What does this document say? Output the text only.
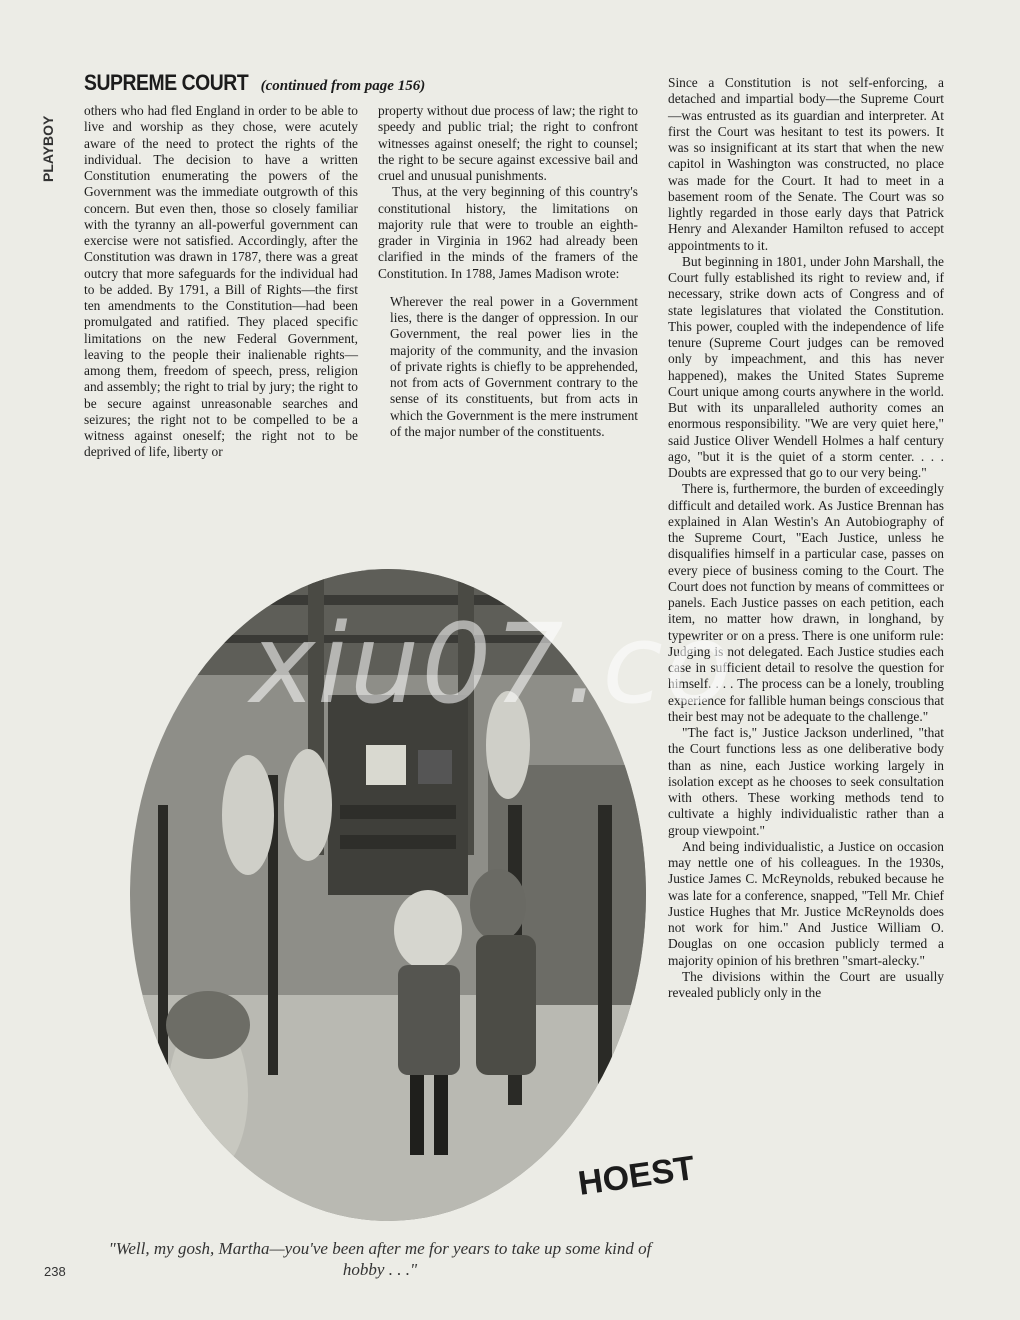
PLAYBOY
SUPREME COURT (continued from page 156)

others who had fled England in order to be able to live and worship as they chose, were acutely aware of the need to protect the rights of the individual. The decision to have a written Constitution enumerating the powers of the Government was the immediate outgrowth of this concern. But even then, those so closely familiar with the tyranny an all-powerful government can exercise were not satisfied. Accordingly, after the Constitution was drawn in 1787, there was a great outcry that more safeguards for the individual had to be added. By 1791, a Bill of Rights—the first ten amendments to the Constitution—had been promulgated and ratified. They placed specific limitations on the new Federal Government, leaving to the people their inalienable rights—among them, freedom of speech, press, religion and assembly; the right to trial by jury; the right to be secure against unreasonable searches and seizures; the right not to be compelled to be a witness against oneself; the right not to be deprived of life, liberty or

property without due process of law; the right to speedy and public trial; the right to confront witnesses against oneself; the right to counsel; the right to be secure against excessive bail and cruel and unusual punishments.

Thus, at the very beginning of this country's constitutional history, the limitations on majority rule that were to trouble an eighth-grader in Virginia in 1962 had already been clarified in the minds of the framers of the Constitution. In 1788, James Madison wrote:

Wherever the real power in a Government lies, there is the danger of oppression. In our Government, the real power lies in the majority of the community, and the invasion of private rights is chiefly to be apprehended, not from acts of Government contrary to the sense of its constituents, but from acts in which the Government is the mere instrument of the major number of the constituents.

Since a Constitution is not self-enforcing, a detached and impartial body—the Supreme Court—was entrusted as its guardian and interpreter. At first the Court was hesitant to test its powers. It was so insignificant at its start that when the new capitol in Washington was constructed, no place was made for the Court. It had to meet in a basement room of the Senate. The Court was so lightly regarded in those early days that Patrick Henry and Alexander Hamilton refused to accept appointments to it.

But beginning in 1801, under John Marshall, the Court fully established its right to review and, if necessary, strike down acts of Congress and of state legislatures that violated the Constitution. This power, coupled with the independence of life tenure (Supreme Court judges can be removed only by impeachment, and this has never happened), makes the United States Supreme Court unique among courts anywhere in the world. But with its unparalleled authority comes an enormous responsibility. "We are very quiet here," said Justice Oliver Wendell Holmes a half century ago, "but it is the quiet of a storm center. . . . Doubts are expressed that go to our very being."

There is, furthermore, the burden of exceedingly difficult and detailed work. As Justice Brennan has explained in Alan Westin's An Autobiography of the Supreme Court, "Each Justice, unless he disqualifies himself in a particular case, passes on every piece of business coming to the Court. The Court does not function by means of committees or panels. Each Justice passes on each petition, each item, no matter how drawn, in longhand, by typewriter or on a press. There is one uniform rule: Judging is not delegated. Each Justice studies each case in sufficient detail to resolve the question for himself. . . . The process can be a lonely, troubling experience for fallible human beings conscious that their best may not be adequate to the challenge."

"The fact is," Justice Jackson underlined, "that the Court functions less as one deliberative body than as nine, each Justice working largely in isolation except as he chooses to seek consultation with others. These working methods tend to cultivate a highly individualistic rather than a group viewpoint."

And being individualistic, a Justice on occasion may nettle one of his colleagues. In the 1930s, Justice James C. McReynolds, rebuked because he was late for a conference, snapped, "Tell Mr. Chief Justice Hughes that Mr. Justice McReynolds does not work for him." And Justice William O. Douglas on one occasion publicly termed a majority opinion of his brethren "smart-alecky."

The divisions within the Court are usually revealed publicly only in the

HOEST
"Well, my gosh, Martha—you've been after me for years to take up some kind of hobby . . ."
xiu07.co
238
